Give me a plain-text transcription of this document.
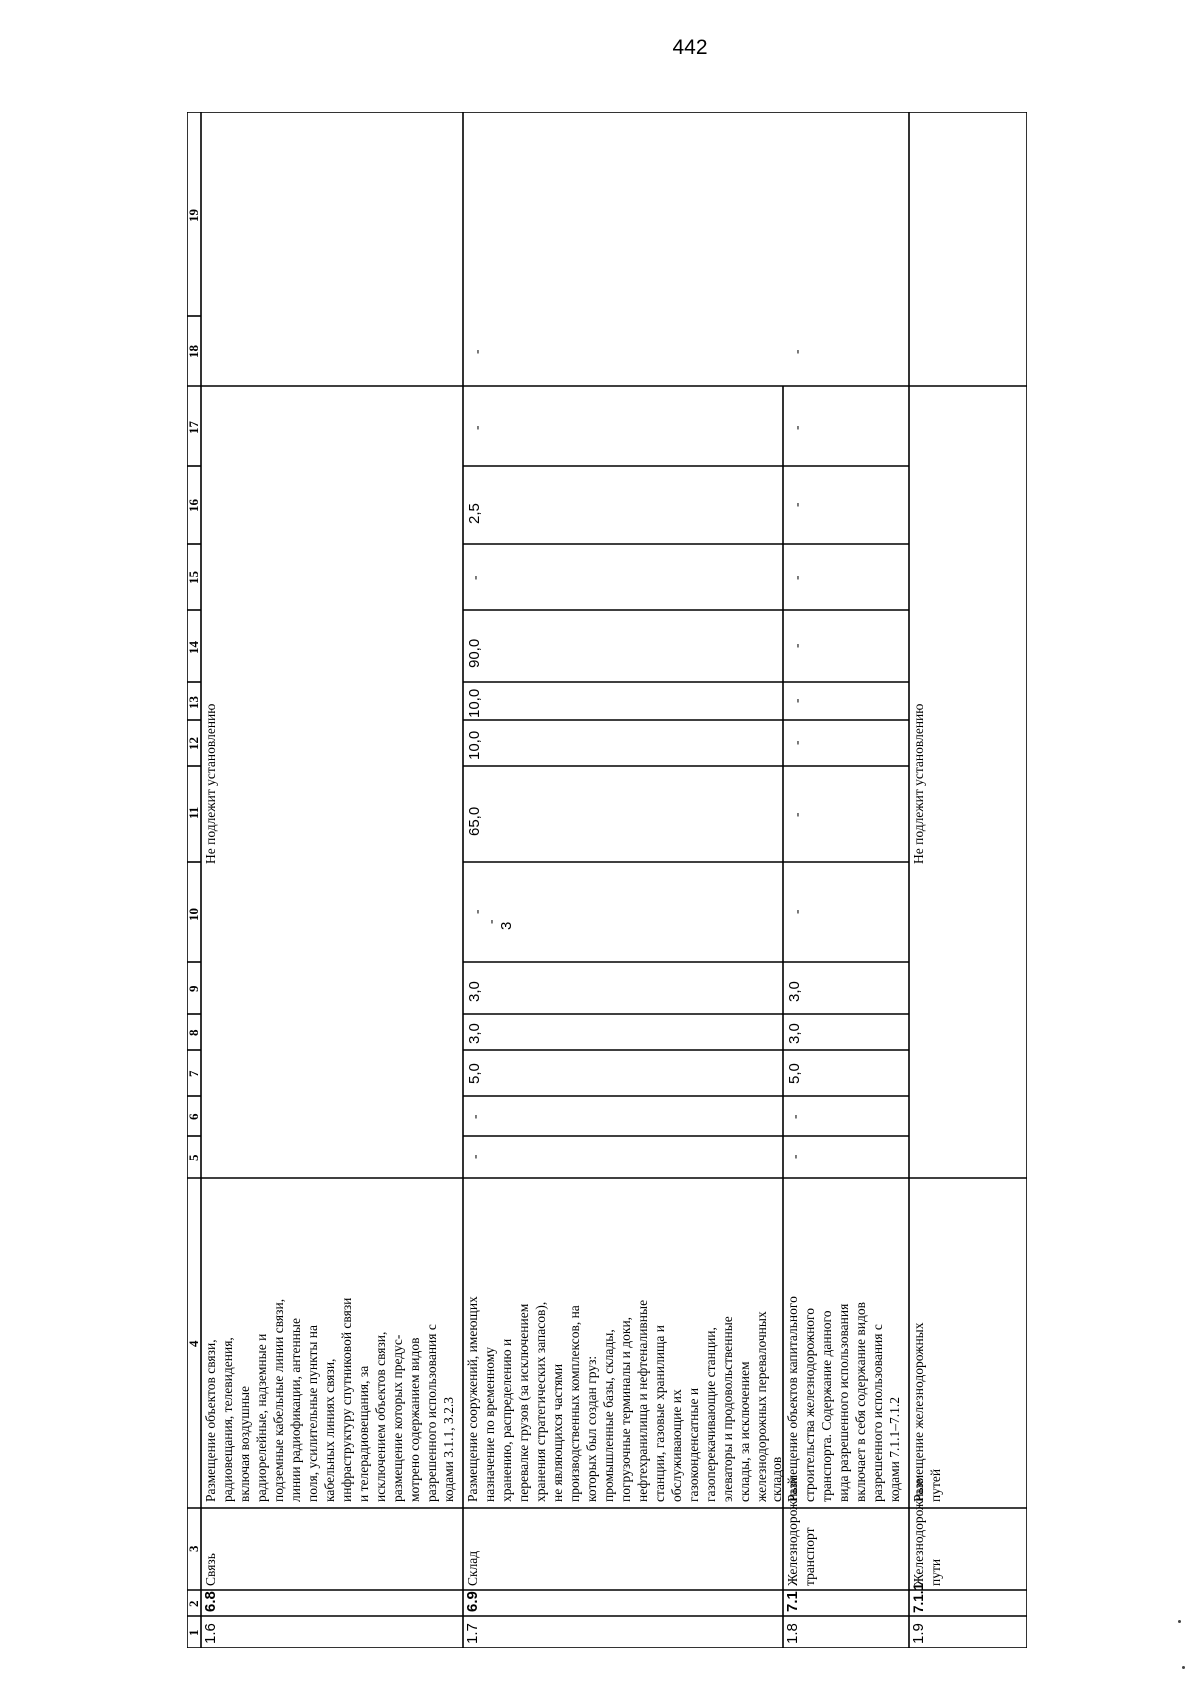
442
1
2
3
4
5
6
7
8
9
10
11
12
13
14
15
16
17
18
19
1.6
6.8
Связь
Размещение объектов связи, радиовещания, телевидения, включая воздушные радиорелейные, надземные и подземные кабельные линии связи, линии радиофикации, антенные поля, усилительные пункты на кабельных линиях связи, инфраструктуру спутниковой связи и телерадиовещания, за исключением объектов связи, размещение которых предус- мотрено содержанием видов разрешенного использования с кодами 3.1.1, 3.2.3
Не подлежит установлению
1.7
6.9
Склад
Размещение сооружений, имеющих назначение по временному хранению, распределению и перевалке грузов (за исключением хранения стратегических запасов), не являющихся частями производственных комплексов, на которых был создан груз: промышленные базы, склады, погрузочные терминалы и доки, нефтехранилища и нефтеналивные станции, газовые хранилища и обслуживающие их газоконденсатные и газоперекачивающие станции, элеваторы и продовольственные склады, за исключением железнодорожных перевалочных складов
-
-
5,0
3,0
3,0
-
- 3
65,0
10,0
10,0
90,0
-
2,5
-
-
1.8
7.1
Железнодорожный транспорт
Размещение объектов капитального строительства железнодорожного транспорта. Содержание данного вида разрешенного использования включает в себя содержание видов разрешенного использования с кодами 7.1.1–7.1.2
-
-
5,0
3,0
3,0
-
-
-
-
-
-
-
-
-
1.9
7.1.1
Железнодорожные пути
Размещение железнодорожных путей
Не подлежит установлению
